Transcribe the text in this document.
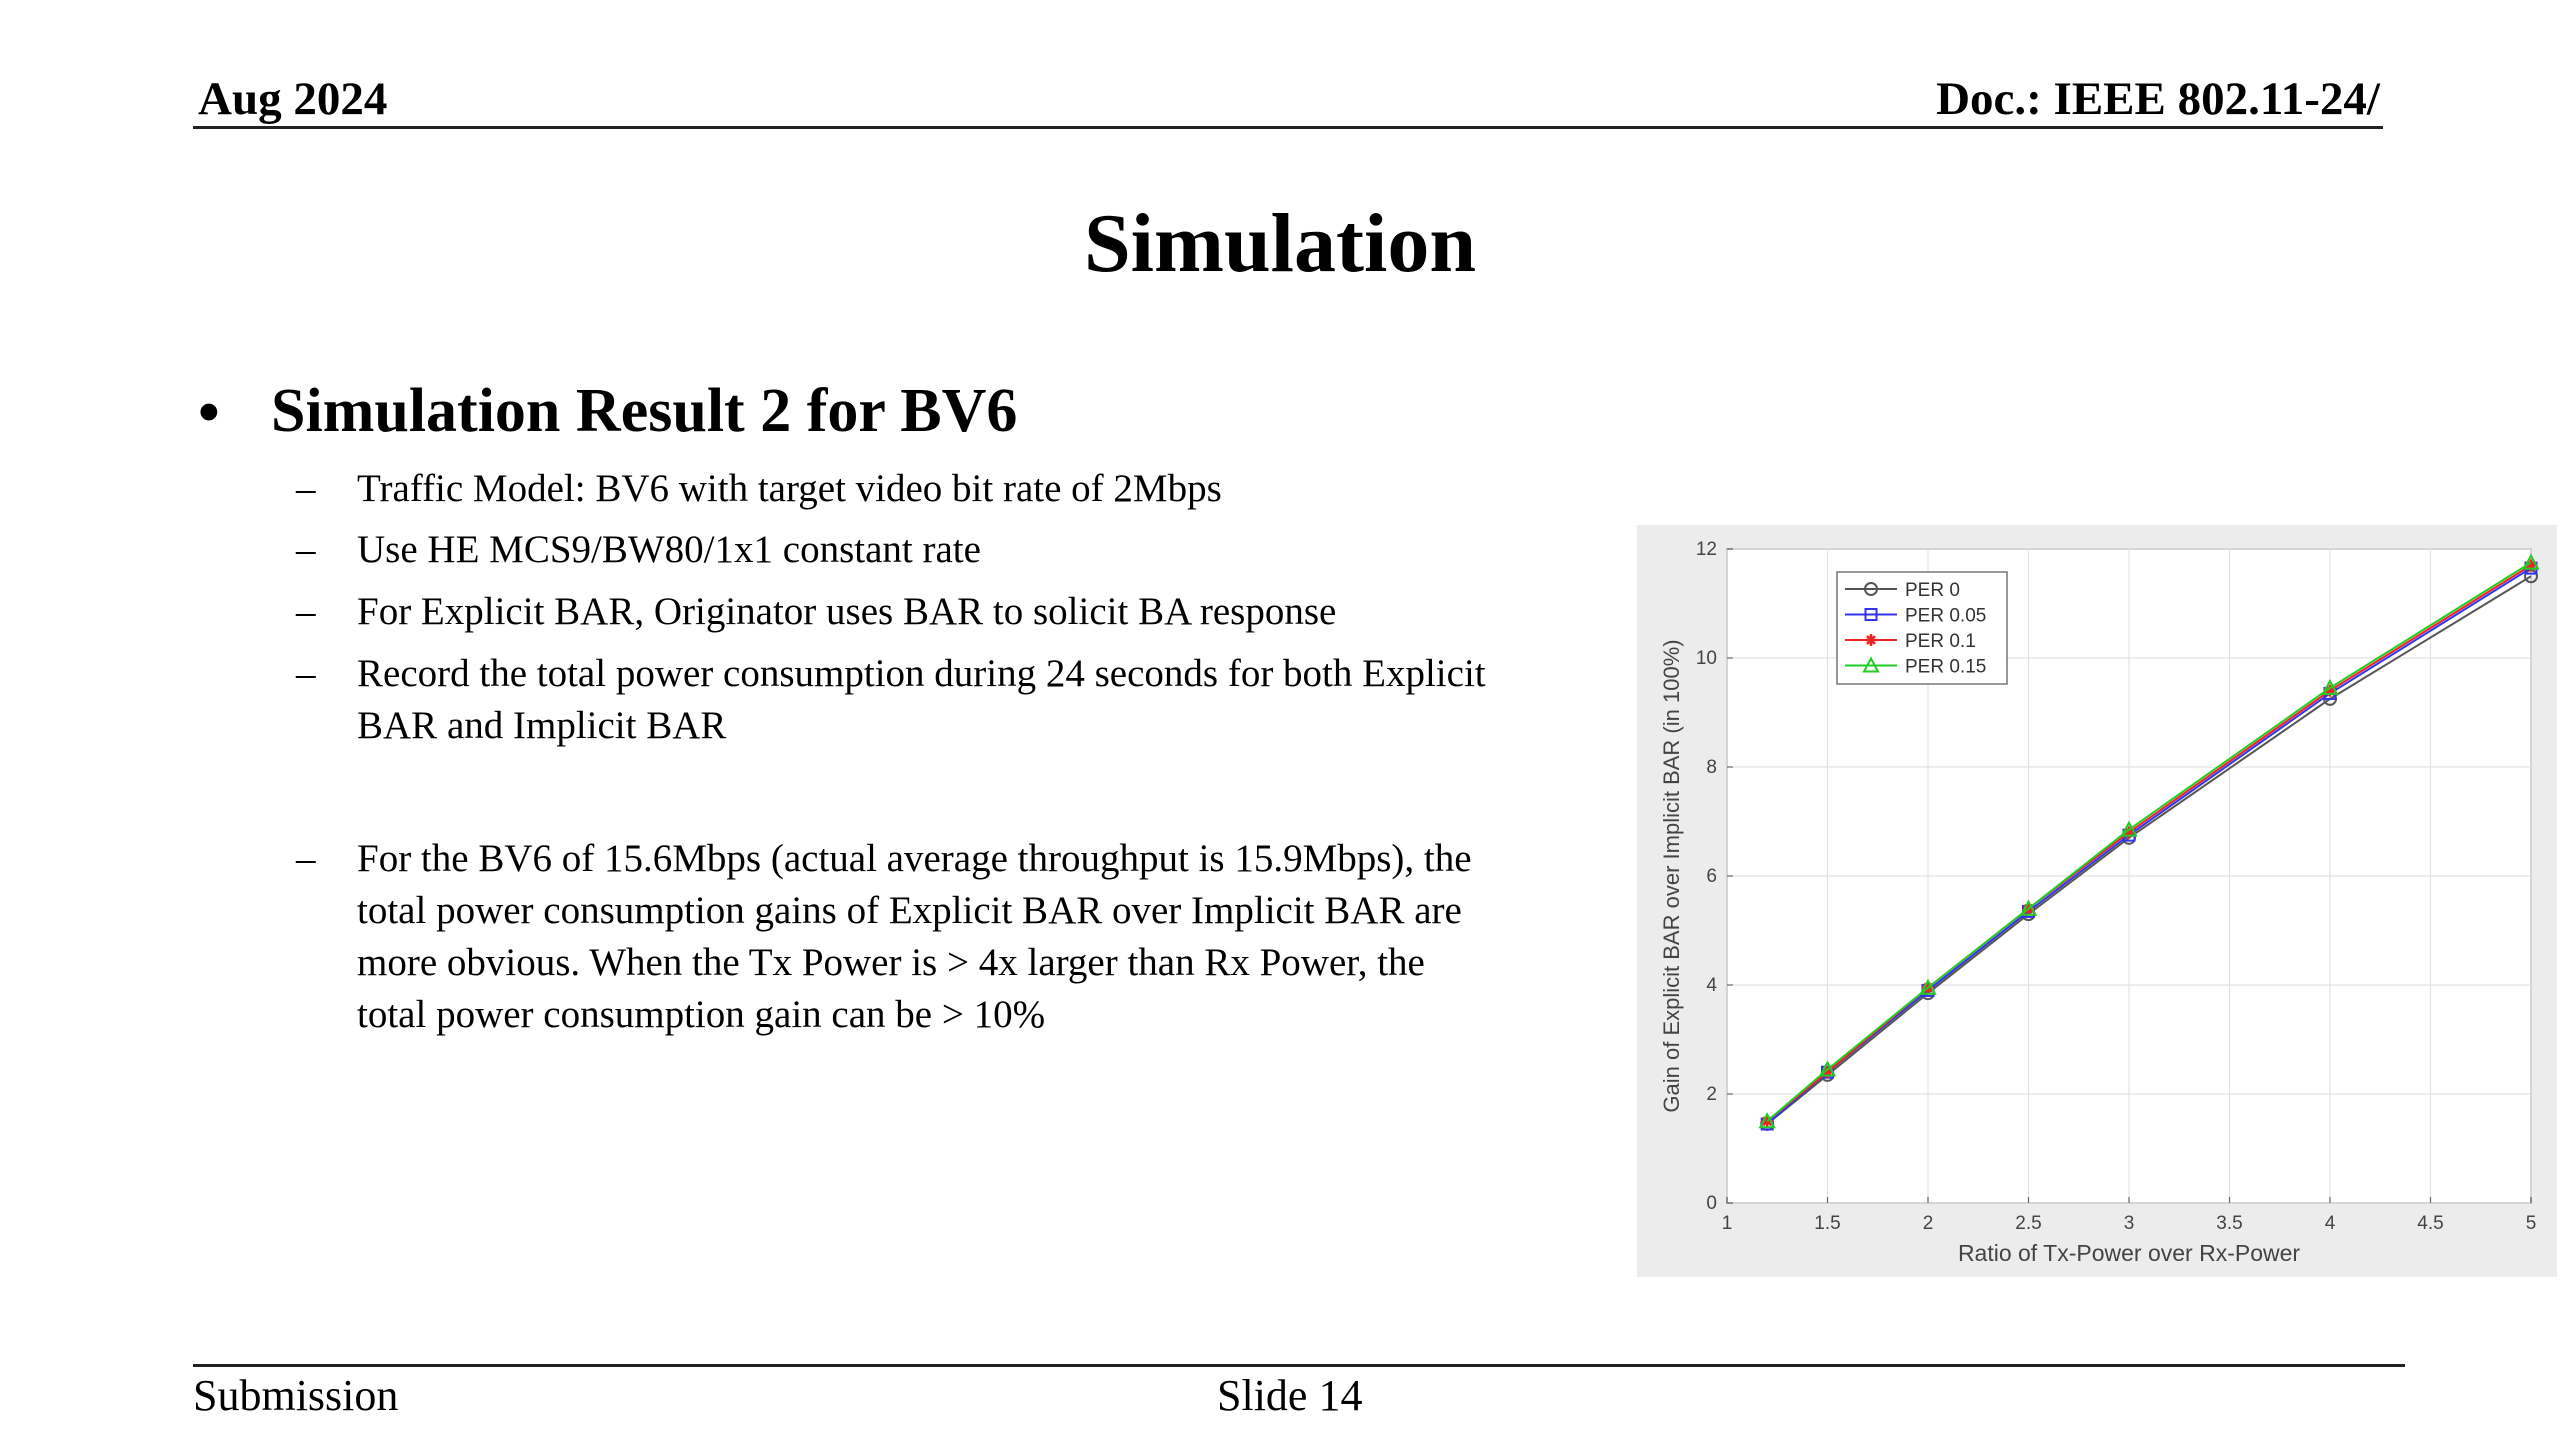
Aug 2024	Doc.: IEEE 802.11-24/
Simulation
• Simulation Result 2 for BV6
– Traffic Model: BV6 with target video bit rate of 2Mbps
– Use HE MCS9/BW80/1x1 constant rate
– For Explicit BAR, Originator uses BAR to solicit BA response
– Record the total power consumption during 24 seconds for both Explicit
BAR and Implicit BAR
– For the BV6 of 15.6Mbps (actual average throughput is 15.9Mbps), the
total power consumption gains of Explicit BAR over Implicit BAR are
more obvious. When the Tx Power is > 4x larger than Rx Power, the
total power consumption gain can be > 10%
1	1.5	2	2.5	3	3.5	4	4.5	5
0
2
4
6
8
10
12
Ratio of Tx-Power over Rx-Power
Gain of Explicit BAR over Implicit BAR (in 100%)
PER 0
PER 0.05
PER 0.1
PER 0.15
Submission	Slide 14
